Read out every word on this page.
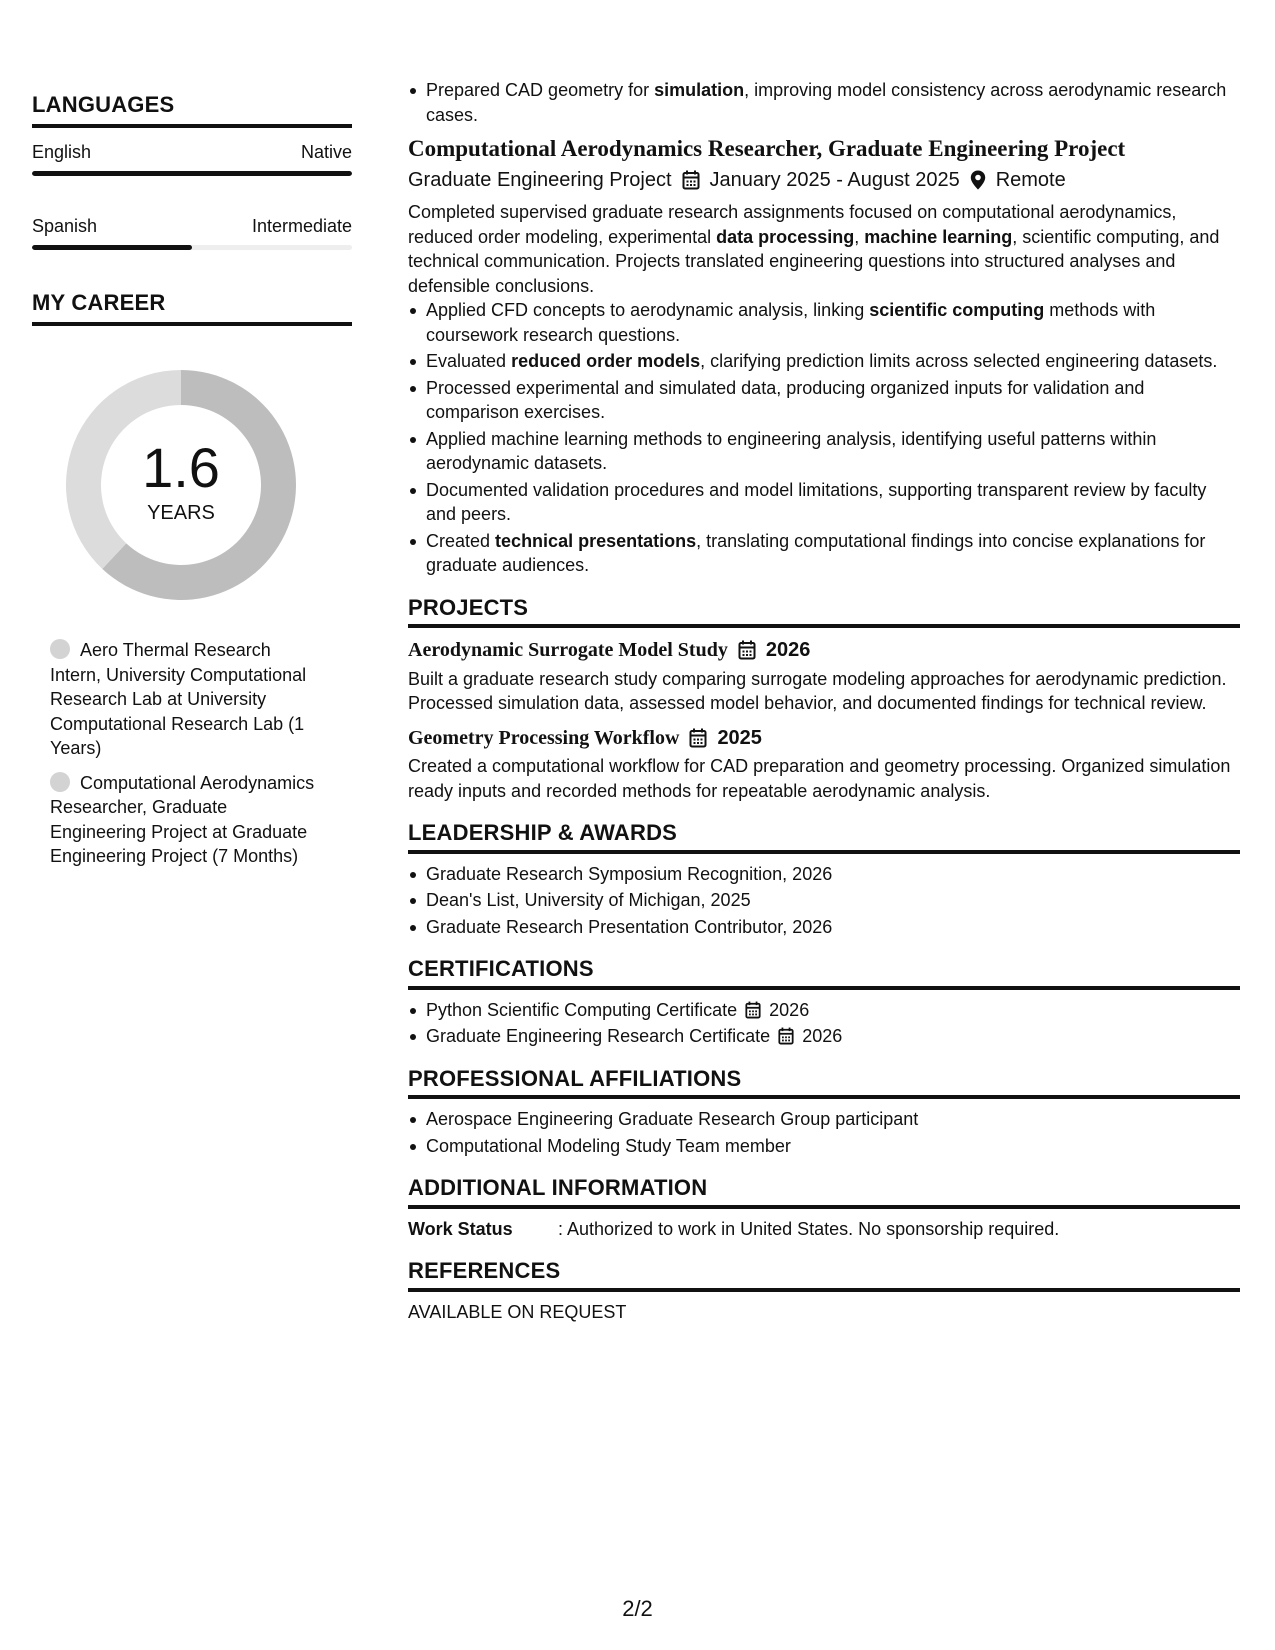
LANGUAGES
English	Native
Spanish	Intermediate
MY CAREER
1.6
YEARS
Aero Thermal Research Intern, University Computational Research Lab at University Computational Research Lab (1 Years)
Computational Aerodynamics Researcher, Graduate Engineering Project at Graduate Engineering Project (7 Months)
Prepared CAD geometry for simulation, improving model consistency across aerodynamic research cases.
Computational Aerodynamics Researcher, Graduate Engineering Project
Graduate Engineering Project January 2025 - August 2025 Remote
Completed supervised graduate research assignments focused on computational aerodynamics, reduced order modeling, experimental data processing, machine learning, scientific computing, and technical communication. Projects translated engineering questions into structured analyses and defensible conclusions.
Applied CFD concepts to aerodynamic analysis, linking scientific computing methods with coursework research questions.
Evaluated reduced order models, clarifying prediction limits across selected engineering datasets.
Processed experimental and simulated data, producing organized inputs for validation and comparison exercises.
Applied machine learning methods to engineering analysis, identifying useful patterns within aerodynamic datasets.
Documented validation procedures and model limitations, supporting transparent review by faculty and peers.
Created technical presentations, translating computational findings into concise explanations for graduate audiences.
PROJECTS
Aerodynamic Surrogate Model Study 2026
Built a graduate research study comparing surrogate modeling approaches for aerodynamic prediction. Processed simulation data, assessed model behavior, and documented findings for technical review.
Geometry Processing Workflow 2025
Created a computational workflow for CAD preparation and geometry processing. Organized simulation ready inputs and recorded methods for repeatable aerodynamic analysis.
LEADERSHIP & AWARDS
Graduate Research Symposium Recognition, 2026
Dean's List, University of Michigan, 2025
Graduate Research Presentation Contributor, 2026
CERTIFICATIONS
Python Scientific Computing Certificate 2026
Graduate Engineering Research Certificate 2026
PROFESSIONAL AFFILIATIONS
Aerospace Engineering Graduate Research Group participant
Computational Modeling Study Team member
ADDITIONAL INFORMATION
Work Status	: Authorized to work in United States. No sponsorship required.
REFERENCES
AVAILABLE ON REQUEST
2/2
